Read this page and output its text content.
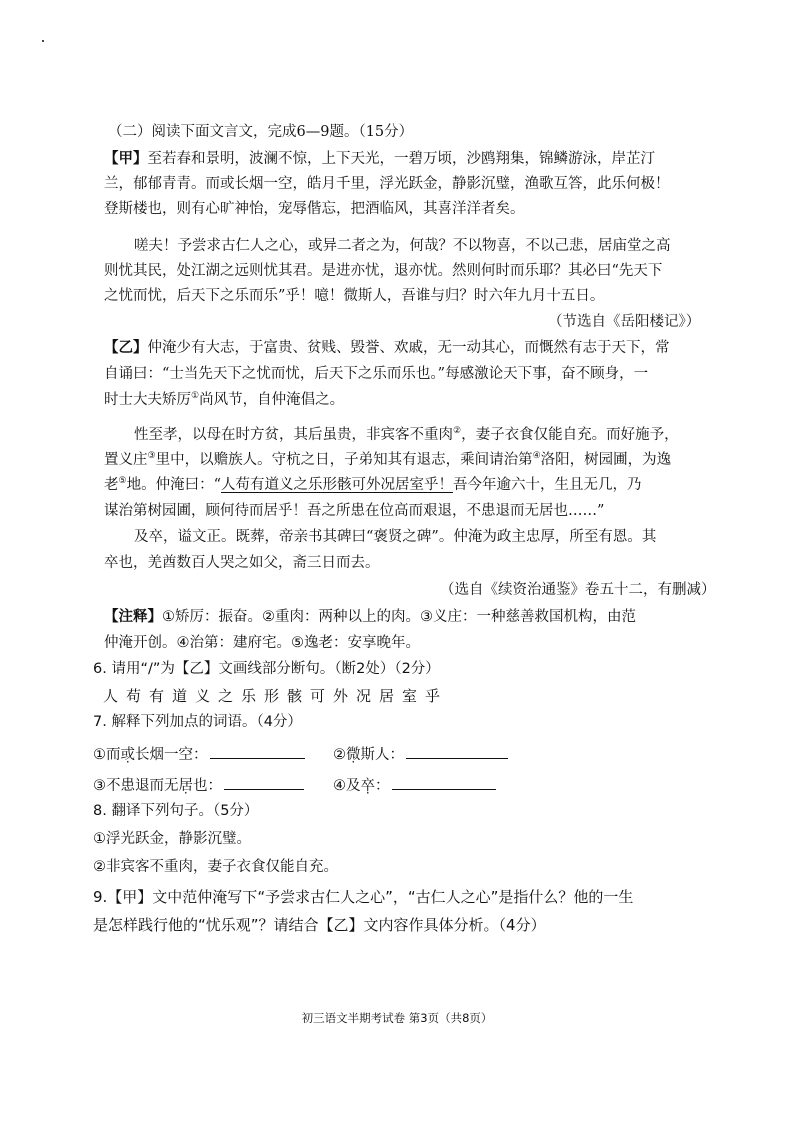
（二）阅读下面文言文，完成6—9题。（15分）
【甲】至若春和景明，波澜不惊，上下天光，一碧万顷，沙鸥翔集，锦鳞游泳，岸芷汀
兰，郁郁青青。而或长烟一空，皓月千里，浮光跃金，静影沉璧，渔歌互答，此乐何极！
登斯楼也，则有心旷神怡，宠辱偕忘，把酒临风，其喜洋洋者矣。
嗟夫！予尝求古仁人之心，或异二者之为，何哉？不以物喜，不以己悲，居庙堂之高
则忧其民，处江湖之远则忧其君。是进亦忧，退亦忧。然则何时而乐耶？其必曰“先天下
之忧而忧，后天下之乐而乐”乎！噫！微斯人，吾谁与归？时六年九月十五日。
（节选自《岳阳楼记》）
【乙】仲淹少有大志，于富贵、贫贱、毁誉、欢戚，无一动其心，而慨然有志于天下，常
自诵曰：“士当先天下之忧而忧，后天下之乐而乐也。”每感激论天下事，奋不顾身，一
时士大夫矫厉①尚风节，自仲淹倡之。
性至孝，以母在时方贫，其后虽贵，非宾客不重肉②，妻子衣食仅能自充。而好施予，
置义庄③里中，以赡族人。守杭之日，子弟知其有退志，乘间请治第④洛阳，树园圃，为逸
老⑤地。仲淹曰：“人苟有道义之乐形骸可外况居室乎！吾今年逾六十，生且无几，乃
谋治第树园圃，顾何待而居乎！吾之所患在位高而艰退，不患退而无居也……”
及卒，谥文正。既葬，帝亲书其碑曰“褒贤之碑”。仲淹为政主忠厚，所至有恩。其
卒也，羌酋数百人哭之如父，斋三日而去。
（选自《续资治通鉴》卷五十二，有删减）
【注释】①矫厉：振奋。②重肉：两种以上的肉。③义庄：一种慈善救国机构，由范
仲淹开创。④治第：建府宅。⑤逸老：安享晚年。
6. 请用“/”为【乙】文画线部分断句。（断2处）（2分）
人苟有道义之乐形骸可外况居室乎
7. 解释下列加点的词语。（4分）
①而或长烟一空：	②微斯人：
③不患退而无居也：	④及卒：
8. 翻译下列句子。（5分）
①浮光跃金，静影沉璧。
②非宾客不重肉，妻子衣食仅能自充。
9.【甲】文中范仲淹写下“予尝求古仁人之心”，“古仁人之心”是指什么？他的一生
是怎样践行他的“忧乐观”？请结合【乙】文内容作具体分析。（4分）
初三语文半期考试卷 第3页（共8页）
